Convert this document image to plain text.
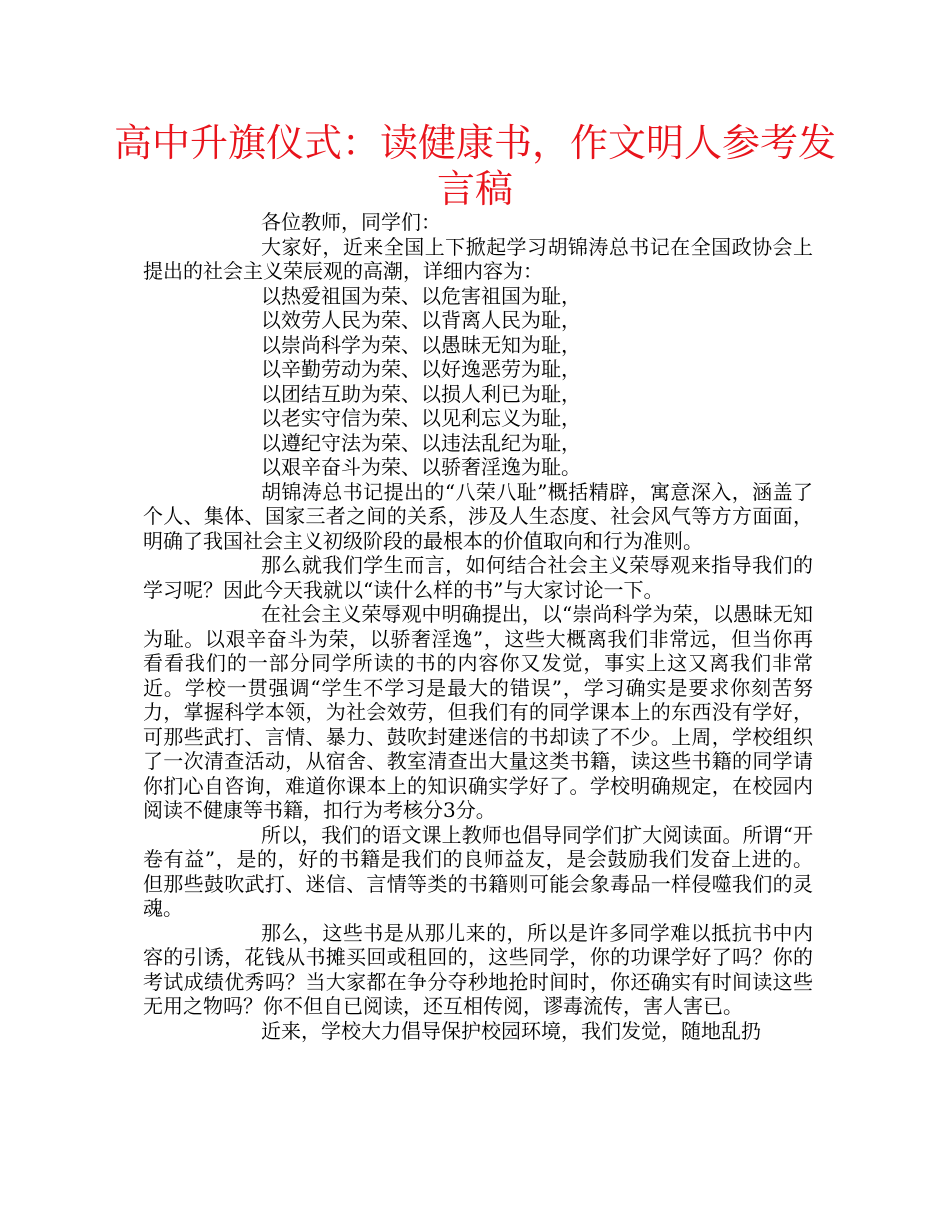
高中升旗仪式：读健康书，作文明人参考发言稿

各位教师，同学们：

大家好，近来全国上下掀起学习胡锦涛总书记在全国政协会上提出的社会主义荣辰观的高潮，详细内容为：

以热爱祖国为荣、以危害祖国为耻，

以效劳人民为荣、以背离人民为耻，

以崇尚科学为荣、以愚昧无知为耻，

以辛勤劳动为荣、以好逸恶劳为耻，

以团结互助为荣、以损人利已为耻，

以老实守信为荣、以见利忘义为耻，

以遵纪守法为荣、以违法乱纪为耻，

以艰辛奋斗为荣、以骄奢淫逸为耻。

胡锦涛总书记提出的“八荣八耻”概括精辟，寓意深入，涵盖了个人、集体、国家三者之间的关系，涉及人生态度、社会风气等方方面面，明确了我国社会主义初级阶段的最根本的价值取向和行为准则。

那么就我们学生而言，如何结合社会主义荣辱观来指导我们的学习呢？因此今天我就以“读什么样的书”与大家讨论一下。

在社会主义荣辱观中明确提出，以“崇尚科学为荣，以愚昧无知为耻。以艰辛奋斗为荣，以骄奢淫逸”，这些大概离我们非常远，但当你再看看我们的一部分同学所读的书的内容你又发觉，事实上这又离我们非常近。学校一贯强调“学生不学习是最大的错误”，学习确实是要求你刻苦努力，掌握科学本领，为社会效劳，但我们有的同学课本上的东西没有学好，可那些武打、言情、暴力、鼓吹封建迷信的书却读了不少。上周，学校组织了一次清查活动，从宿舍、教室清查出大量这类书籍，读这些书籍的同学请你扪心自咨询，难道你课本上的知识确实学好了。学校明确规定，在校园内阅读不健康等书籍，扣行为考核分3分。

所以，我们的语文课上教师也倡导同学们扩大阅读面。所谓“开卷有益”，是的，好的书籍是我们的良师益友，是会鼓励我们发奋上进的。但那些鼓吹武打、迷信、言情等类的书籍则可能会象毒品一样侵噬我们的灵魂。

那么，这些书是从那儿来的，所以是许多同学难以抵抗书中内容的引诱，花钱从书摊买回或租回的，这些同学，你的功课学好了吗？你的考试成绩优秀吗？当大家都在争分夺秒地抢时间时，你还确实有时间读这些无用之物吗？你不但自已阅读，还互相传阅，谬毒流传，害人害已。

近来，学校大力倡导保护校园环境，我们发觉，随地乱扔
